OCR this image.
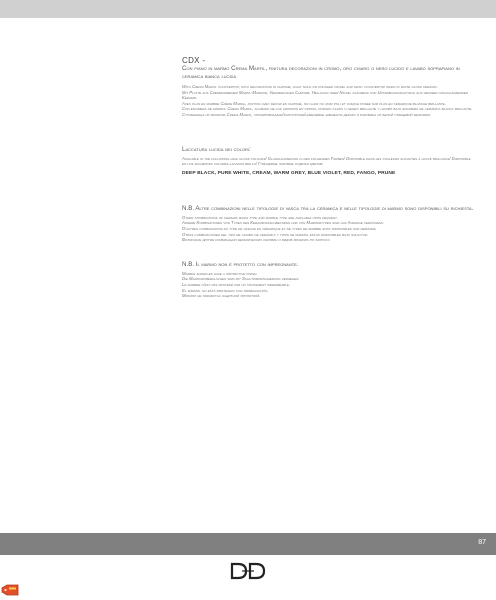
CDX -

Con piano in marmo Crema Marfil, finitura decorazioni in cromo, oro chiaro o nero lucido e lavabo soprapiano in ceramica bianca lucida

With Cream Marfil countertop, with decorations in chrome, light gold or polished nickel and shiny countertop basin in white gloss ceramic.

Mit Platte aus Cremefarbenem Marfil-Marmor, Verzierungen Chrome, Hellgold oder Nickel glänzend und Unterbauwaschtisch aus weisser hochglänzender Keramik.

Avec plan en marbre Crème Marfil, finition avec décor en chromé, or clair ou noir poli et vasque posée sur plan en céramique blanche brillante.

Con encimera de mármol Crema Marfil, acabado de los adornos en cromo, dorado claro o negro brillante y lavabo bajo encimera de cerámica blanca brillante.

Столешница из мрамора Crema Marfil, хромированные/золотистые/никелевые элементы декора и раковина из белой глянцевой керамики.

Laccatura lucida nei colori:

Available in the following high gloss colours/ Glanzlackierung in den folgenden Farben/ Disponible dans les couleurs suivantes à haute brillance/ Disponible en los siguientes colores lacados brillo/ Глянцевые лаковые отделки цветов:

DEEP BLACK, PURE WHITE, CREAM, WARM GREY, BLUE VIOLET, RED, FANGO, PRUNE

N.B. Altre combinazioni nelle tipologie di vasca tra la ceramica e nelle tipologie di marmo sono disponibili su richiesta.

Other combinations of ceramic basin type and marble type are available upon request.

Andere Kombinationen von Typen des Keramikwaschbeckens und von Marmortypen sind auf Anfrage verfügbar.

D'autres combinaisons du type de vasque en céramique et de types de marbre sont disponibles sur demande.

Otras combinaciones del tipo de lavabo de cerámica y tipos de mármol están disponibles bajo solicitud.

Возможны другие комбинации керамических раковин и видов мрамора по запросу.

N.B. Il marmo non è protetto con impregnante.

Marble surfaces have a protective finish.

Die Marmoroberflächen sind mit Schutzimprägnierung versehen.

Le marbre n'est pas protégé par un traitement imperméable.

El mármol no está protegido con impregnación.

Мрамор не обработан защитной пропиткой.

87
